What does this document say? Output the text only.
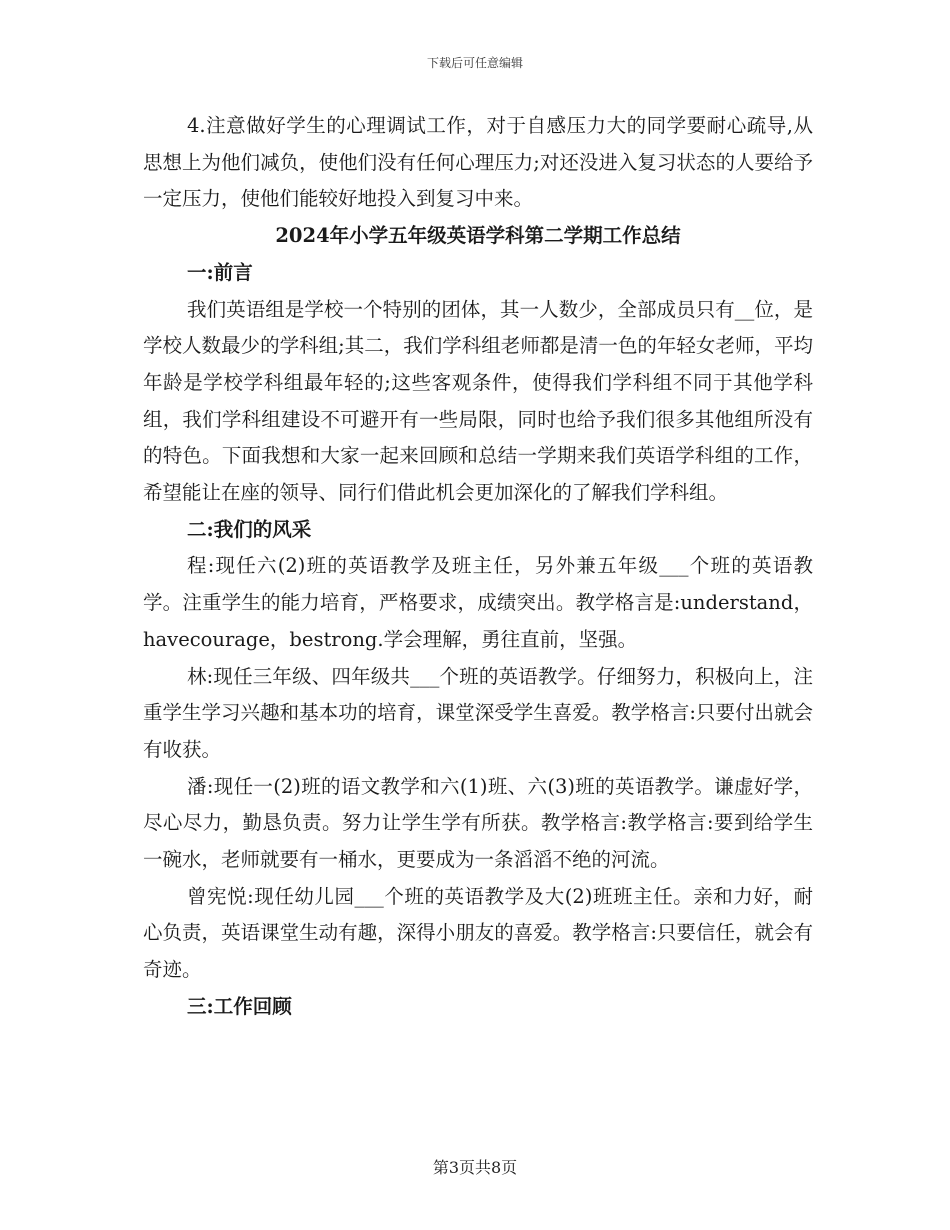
下载后可任意编辑

4.注意做好学生的心理调试工作，对于自感压力大的同学要耐心疏导,从思想上为他们减负，使他们没有任何心理压力;对还没进入复习状态的人要给予一定压力，使他们能较好地投入到复习中来。

2024年小学五年级英语学科第二学期工作总结

一:前言

我们英语组是学校一个特别的团体，其一人数少，全部成员只有__位，是学校人数最少的学科组;其二，我们学科组老师都是清一色的年轻女老师，平均年龄是学校学科组最年轻的;这些客观条件，使得我们学科组不同于其他学科组，我们学科组建设不可避开有一些局限，同时也给予我们很多其他组所没有的特色。下面我想和大家一起来回顾和总结一学期来我们英语学科组的工作，希望能让在座的领导、同行们借此机会更加深化的了解我们学科组。

二:我们的风采

程:现任六(2)班的英语教学及班主任，另外兼五年级___个班的英语教学。注重学生的能力培育，严格要求，成绩突出。教学格言是:understand，havecourage，bestrong.学会理解，勇往直前，坚强。

林:现任三年级、四年级共___个班的英语教学。仔细努力，积极向上，注重学生学习兴趣和基本功的培育，课堂深受学生喜爱。教学格言:只要付出就会有收获。

潘:现任一(2)班的语文教学和六(1)班、六(3)班的英语教学。谦虚好学，尽心尽力，勤恳负责。努力让学生学有所获。教学格言:教学格言:要到给学生一碗水，老师就要有一桶水，更要成为一条滔滔不绝的河流。

曾宪悦:现任幼儿园___个班的英语教学及大(2)班班主任。亲和力好，耐心负责，英语课堂生动有趣，深得小朋友的喜爱。教学格言:只要信任，就会有奇迹。

三:工作回顾

第3页共8页
